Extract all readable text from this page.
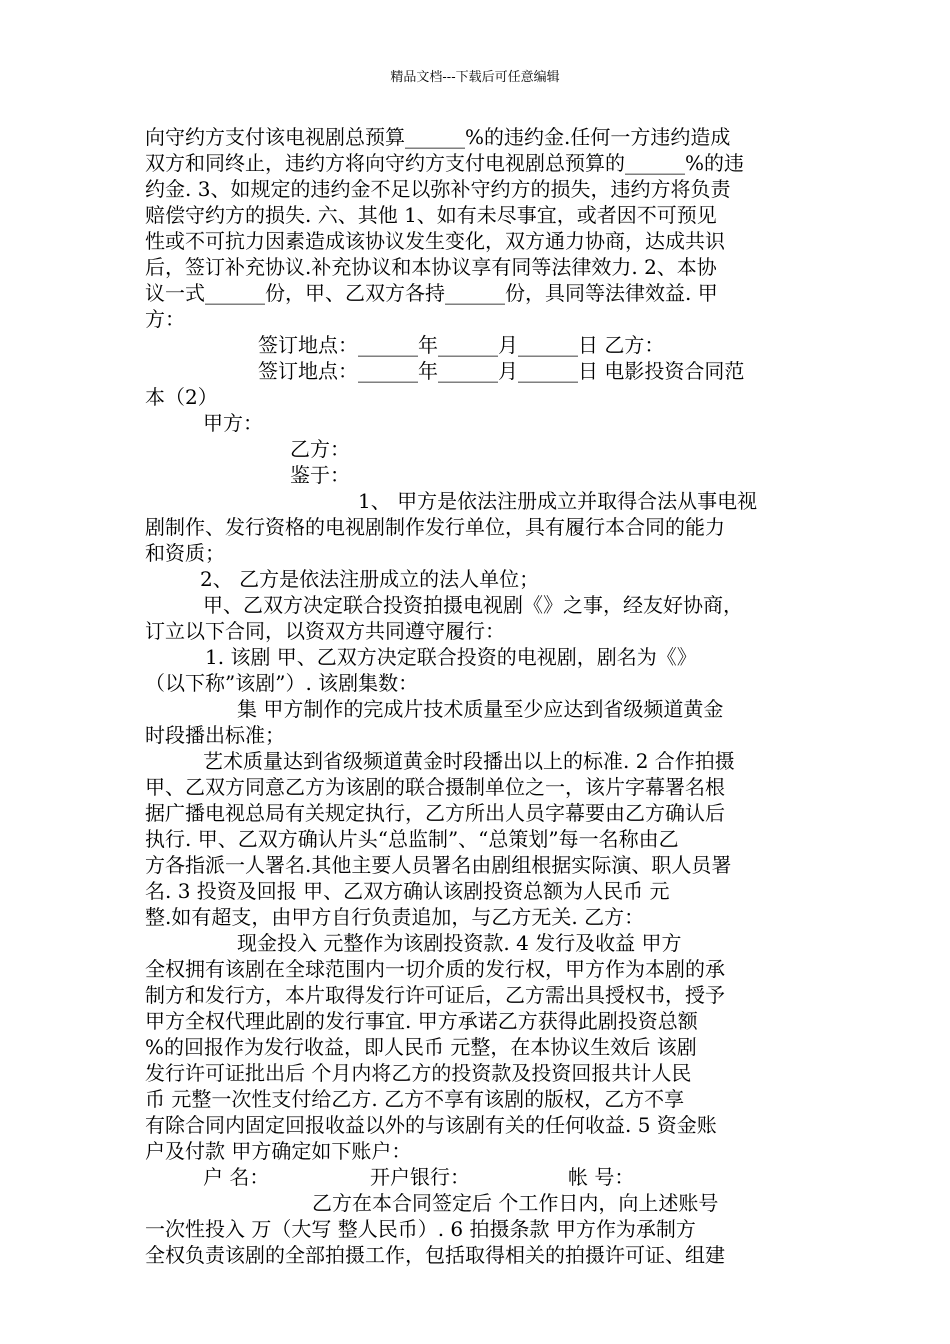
精品文档---下载后可任意编辑
向守约方支付该电视剧总预算______%的违约金.任何一方违约造成
双方和同终止，违约方将向守约方支付电视剧总预算的______%的违
约金. 3、如规定的违约金不足以弥补守约方的损失，违约方将负责
赔偿守约方的损失. 六、其他 1、如有未尽事宜，或者因不可预见
性或不可抗力因素造成该协议发生变化，双方通力协商，达成共识
后，签订补充协议.补充协议和本协议享有同等法律效力. 2、本协
议一式______份，甲、乙双方各持______份，具同等法律效益. 甲
方：
签订地点：______年______月______日 乙方：
签订地点：______年______月______日 电影投资合同范
本（2）
甲方：
乙方：
鉴于：
1、 甲方是依法注册成立并取得合法从事电视
剧制作、发行资格的电视剧制作发行单位，具有履行本合同的能力
和资质；
2、 乙方是依法注册成立的法人单位；
甲、乙双方决定联合投资拍摄电视剧《》之事，经友好协商，
订立以下合同，以资双方共同遵守履行：
1. 该剧 甲、乙双方决定联合投资的电视剧，剧名为《》
（以下称”该剧”）. 该剧集数：
集 甲方制作的完成片技术质量至少应达到省级频道黄金
时段播出标准；
艺术质量达到省级频道黄金时段播出以上的标准. 2 合作拍摄
甲、乙双方同意乙方为该剧的联合摄制单位之一，该片字幕署名根
据广播电视总局有关规定执行，乙方所出人员字幕要由乙方确认后
执行. 甲、乙双方确认片头“总监制”、“总策划”每一名称由乙
方各指派一人署名.其他主要人员署名由剧组根据实际演、职人员署
名. 3 投资及回报 甲、乙双方确认该剧投资总额为人民币 元
整.如有超支，由甲方自行负责追加，与乙方无关. 乙方：
现金投入 元整作为该剧投资款. 4 发行及收益 甲方
全权拥有该剧在全球范围内一切介质的发行权，甲方作为本剧的承
制方和发行方，本片取得发行许可证后，乙方需出具授权书，授予
甲方全权代理此剧的发行事宜. 甲方承诺乙方获得此剧投资总额
%的回报作为发行收益，即人民币 元整，在本协议生效后 该剧
发行许可证批出后 个月内将乙方的投资款及投资回报共计人民
币 元整一次性支付给乙方. 乙方不享有该剧的版权，乙方不享
有除合同内固定回报收益以外的与该剧有关的任何收益. 5 资金账
户及付款 甲方确定如下账户：
户 名：	开户银行：	帐 号：
乙方在本合同签定后 个工作日内，向上述账号
一次性投入 万（大写 整人民币）. 6 拍摄条款 甲方作为承制方
全权负责该剧的全部拍摄工作，包括取得相关的拍摄许可证、组建
